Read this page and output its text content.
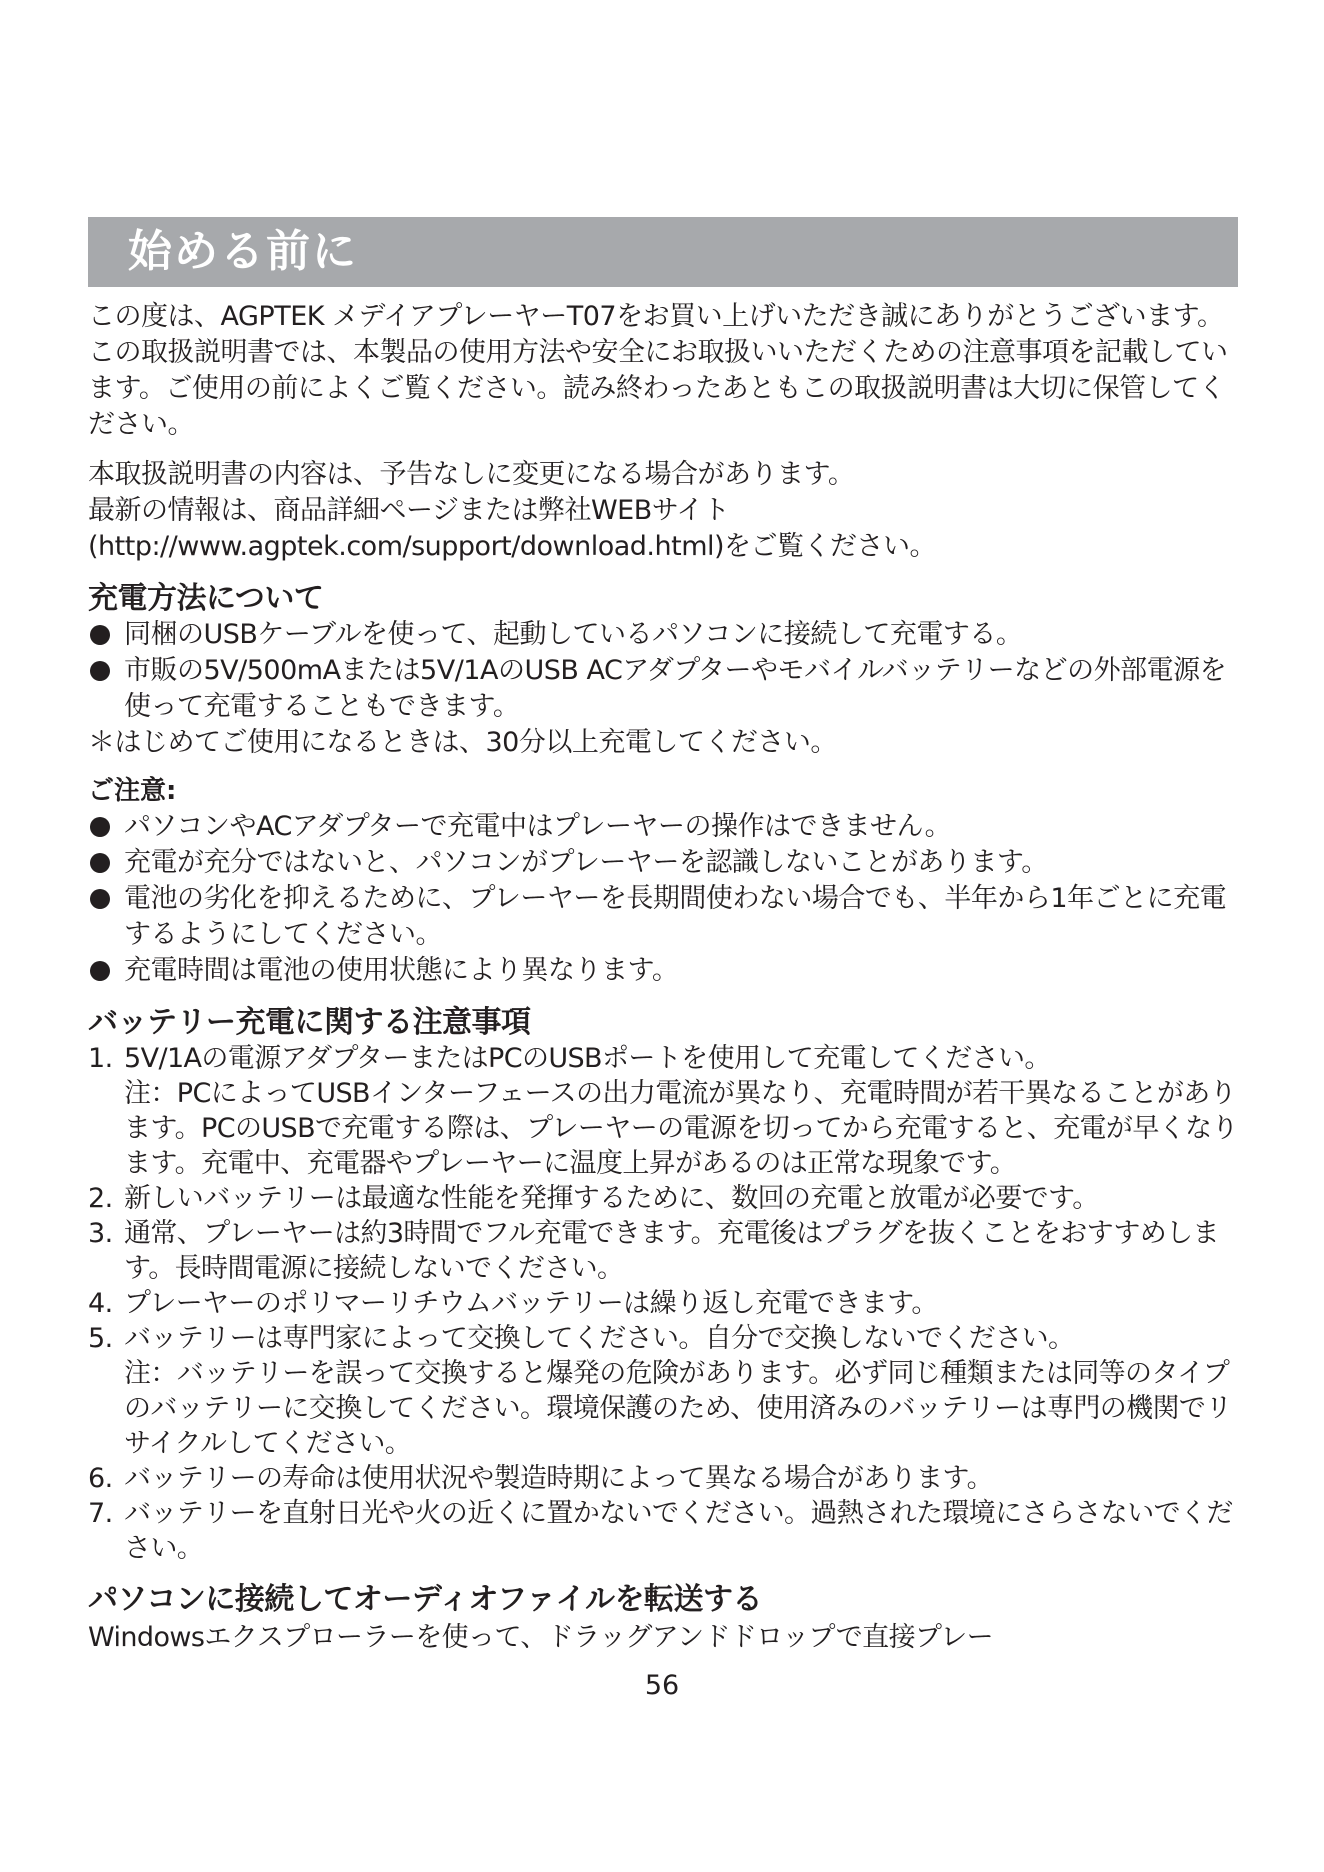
始める前に

この度は、AGPTEK メデイアプレーヤーT07をお買い上げいただき誠にありがとうございます。この取扱説明書では、本製品の使用方法や安全にお取扱いいただくための注意事項を記載しています。ご使用の前によくご覧ください。読み終わったあともこの取扱説明書は大切に保管してください。

本取扱説明書の内容は、予告なしに変更になる場合があります。

最新の情報は、商品詳細ページまたは弊社WEBサイト

(http://www.agptek.com/support/download.html)をご覧ください。

充電方法について
同梱のUSBケーブルを使って、起動しているパソコンに接続して充電する。
市販の5V/500mAまたは5V/1AのUSB ACアダプターやモバイルバッテリーなどの外部電源を使って充電することもできます。
＊はじめてご使用になるときは、30分以上充電してください。
ご注意:
パソコンやACアダプターで充電中はプレーヤーの操作はできません。
充電が充分ではないと、パソコンがプレーヤーを認識しないことがあります。
電池の劣化を抑えるために、プレーヤーを長期間使わない場合でも、半年から1年ごとに充電するようにしてください。
充電時間は電池の使用状態により異なります。
バッテリー充電に関する注意事項
1. 5V/1Aの電源アダプターまたはPCのUSBポートを使用して充電してください。
注：PCによってUSBインターフェースの出力電流が異なり、充電時間が若干異なることがあります。PCのUSBで充電する際は、プレーヤーの電源を切ってから充電すると、充電が早くなります。充電中、充電器やプレーヤーに温度上昇があるのは正常な現象です。
2. 新しいバッテリーは最適な性能を発揮するために、数回の充電と放電が必要です。
3. 通常、プレーヤーは約3時間でフル充電できます。充電後はプラグを抜くことをおすすめします。長時間電源に接続しないでください。
4. プレーヤーのポリマーリチウムバッテリーは繰り返し充電できます。
5. バッテリーは専門家によって交換してください。自分で交換しないでください。
注：バッテリーを誤って交換すると爆発の危険があります。必ず同じ種類または同等のタイプのバッテリーに交換してください。環境保護のため、使用済みのバッテリーは専門の機関でリサイクルしてください。
6. バッテリーの寿命は使用状況や製造時期によって異なる場合があります。
7. バッテリーを直射日光や火の近くに置かないでください。過熱された環境にさらさないでください。
パソコンに接続してオーディオファイルを転送する
Windowsエクスプローラーを使って、ドラッグアンドドロップで直接プレー
56
